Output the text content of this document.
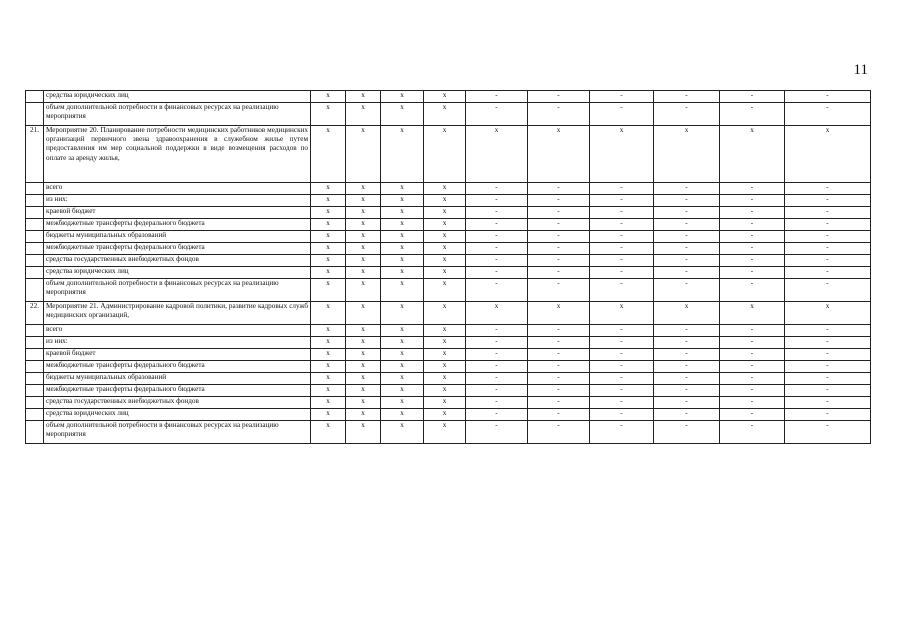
11
	средства юридических лиц	x	x	x	x	-	-	-	-	-	-
	объем дополнительной потребности в финансовых ресурсах на реализацию мероприятия	x	x	x	x	-	-	-	-	-	-
21.	Мероприятие 20. Планирование потребности медицинских работников медицинских организаций первичного звена здравоохранения в служебном жилье путем предоставления им мер социальной поддержки в виде возмещения расходов по оплате за аренду жилья,	x	x	x	x	x	x	x	x	x	x
	всего	x	x	x	x	-	-	-	-	-	-
	из них:	x	x	x	x	-	-	-	-	-	-
	краевой бюджет	x	x	x	x	-	-	-	-	-	-
	межбюджетные трансферты федерального бюджета	x	x	x	x	-	-	-	-	-	-
	бюджеты муниципальных образований	x	x	x	x	-	-	-	-	-	-
	межбюджетные трансферты федерального бюджета	x	x	x	x	-	-	-	-	-	-
	средства государственных внебюджетных фондов	x	x	x	x	-	-	-	-	-	-
	средства юридических лиц	x	x	x	x	-	-	-	-	-	-
	объем дополнительной потребности в финансовых ресурсах на реализацию мероприятия	x	x	x	x	-	-	-	-	-	-
22.	Мероприятие 21. Администрирование кадровой политики, развитие кадровых служб медицинских организаций,	x	x	x	x	x	x	x	x	x	x
	всего	x	x	x	x	-	-	-	-	-	-
	из них:	x	x	x	x	-	-	-	-	-	-
	краевой бюджет	x	x	x	x	-	-	-	-	-	-
	межбюджетные трансферты федерального бюджета	x	x	x	x	-	-	-	-	-	-
	бюджеты муниципальных образований	x	x	x	x	-	-	-	-	-	-
	межбюджетные трансферты федерального бюджета	x	x	x	x	-	-	-	-	-	-
	средства государственных внебюджетных фондов	x	x	x	x	-	-	-	-	-	-
	средства юридических лиц	x	x	x	x	-	-	-	-	-	-
	объем дополнительной потребности в финансовых ресурсах на реализацию мероприятия	x	x	x	x	-	-	-	-	-	-
